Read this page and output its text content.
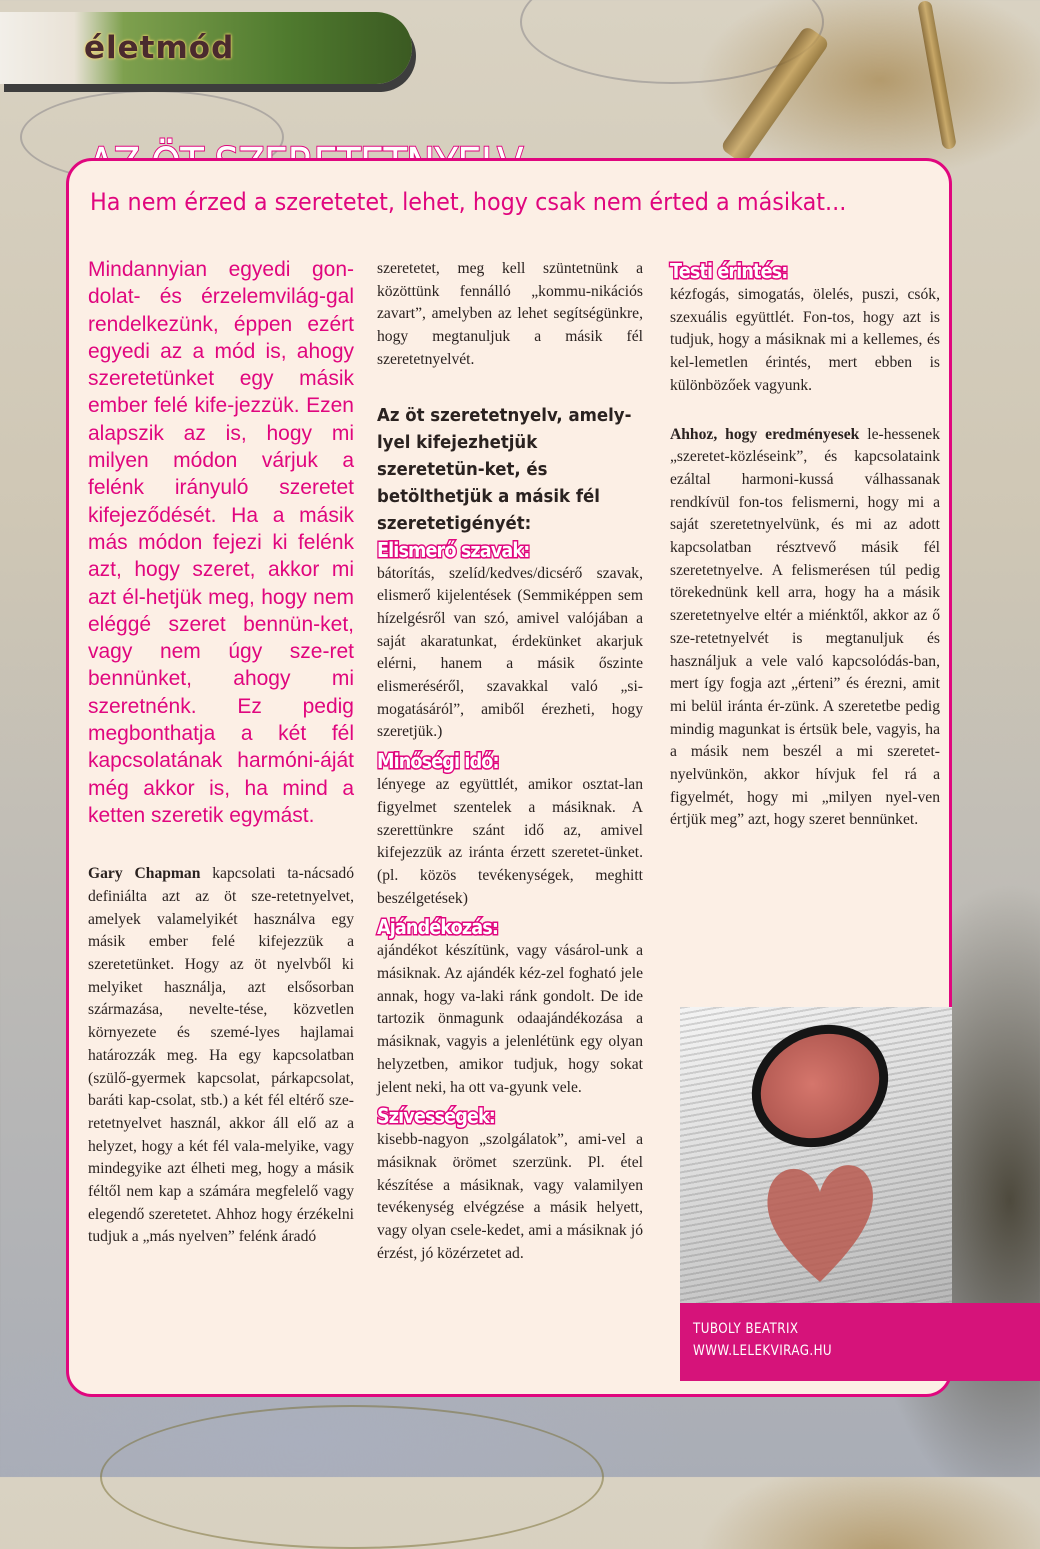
életmód
Ha nem érzed a szeretetet, lehet, hogy csak nem érted a másikat...

Mindannyian egyedi gon-dolat- és érzelemvilág-gal rendelkezünk, éppen ezért egyedi az a mód is, ahogy szeretetünket egy másik ember felé kife-jezzük. Ezen alapszik az is, hogy mi milyen módon várjuk a felénk irányuló szeretet kifejeződését. Ha a másik más módon fejezi ki felénk azt, hogy szeret, akkor mi azt él-hetjük meg, hogy nem eléggé szeret bennün-ket, vagy nem úgy sze-ret bennünket, ahogy mi szeretnénk. Ez pedig megbonthatja a két fél kapcsolatának harmóni-áját még akkor is, ha mind a ketten szeretik egymást.

Gary Chapman kapcsolati ta-nácsadó definiálta azt az öt sze-retetnyelvet, amelyek valamelyikét használva egy másik ember felé kifejezzük a szeretetünket. Hogy az öt nyelvből ki melyiket használja, azt elsősorban származása, nevelte-tése, közvetlen környezete és szemé-lyes hajlamai határozzák meg. Ha egy kapcsolatban (szülő-gyermek kapcsolat, párkapcsolat, baráti kap-csolat, stb.) a két fél eltérő sze-retetnyelvet használ, akkor áll elő az a helyzet, hogy a két fél vala-melyike, vagy mindegyike azt élheti meg, hogy a másik féltől nem kap a számára megfelelő vagy elegendő szeretetet. Ahhoz hogy érzékelni tudjuk a „más nyelven” felénk áradó

szeretetet, meg kell szüntetnünk a közöttünk fennálló „kommu-nikációs zavart”, amelyben az lehet segítségünkre, hogy megtanuljuk a másik fél szeretetnyelvét.

Az öt szeretetnyelv, amely-lyel kifejezhetjük szeretetün-ket, és betölthetjük a másik fél szeretetigényét:

Elismerő szavak:

bátorítás, szelíd/kedves/dicsérő szavak, elismerő kijelentések (Semmiképpen sem hízelgésről van szó, amivel valójában a saját akaratunkat, érdekünket akarjuk elérni, hanem a másik őszinte elismeréséről, szavakkal való „si-mogatásáról”, amiből érezheti, hogy szeretjük.)

Minőségi idő:

lényege az együttlét, amikor osztat-lan figyelmet szentelek a másiknak. A szerettünkre szánt idő az, amivel kifejezzük az iránta érzett szeretet-ünket. (pl. közös tevékenységek, meghitt beszélgetések)

Ajándékozás:

ajándékot készítünk, vagy vásárol-unk a másiknak. Az ajándék kéz-zel fogható jele annak, hogy va-laki ránk gondolt. De ide tartozik önmagunk odaajándékozása a másiknak, vagyis a jelenlétünk egy olyan helyzetben, amikor tudjuk, hogy sokat jelent neki, ha ott va-gyunk vele.

Szívességek:

kisebb-nagyon „szolgálatok”, ami-vel a másiknak örömet szerzünk. Pl. étel készítése a másiknak, vagy valamilyen tevékenység elvégzése a másik helyett, vagy olyan csele-kedet, ami a másiknak jó érzést, jó közérzetet ad.

Testi érintés:

kézfogás, simogatás, ölelés, puszi, csók, szexuális együttlét. Fon-tos, hogy azt is tudjuk, hogy a másiknak mi a kellemes, és kel-lemetlen érintés, mert ebben is különbözőek vagyunk.

Ahhoz, hogy eredményesek le-hessenek „szeretet-közléseink”, és kapcsolataink ezáltal harmoni-kussá válhassanak rendkívül fon-tos felismerni, hogy mi a saját szeretetnyelvünk, és mi az adott kapcsolatban résztvevő másik fél szeretetnyelve. A felismerésen túl pedig törekednünk kell arra, hogy ha a másik szeretetnyelve eltér a miénktől, akkor az ő sze-retetnyelvét is megtanuljuk és használjuk a vele való kapcsolódás-ban, mert így fogja azt „érteni” és érezni, amit mi belül iránta ér-zünk. A szeretetbe pedig mindig magunkat is értsük bele, vagyis, ha a másik nem beszél a mi szeretet-nyelvünkön, akkor hívjuk fel rá a figyelmét, hogy mi „milyen nyel-ven értjük meg” azt, hogy szeret bennünket.

TUBOLY BEATRIX
WWW.LELEKVIRAG.HU
